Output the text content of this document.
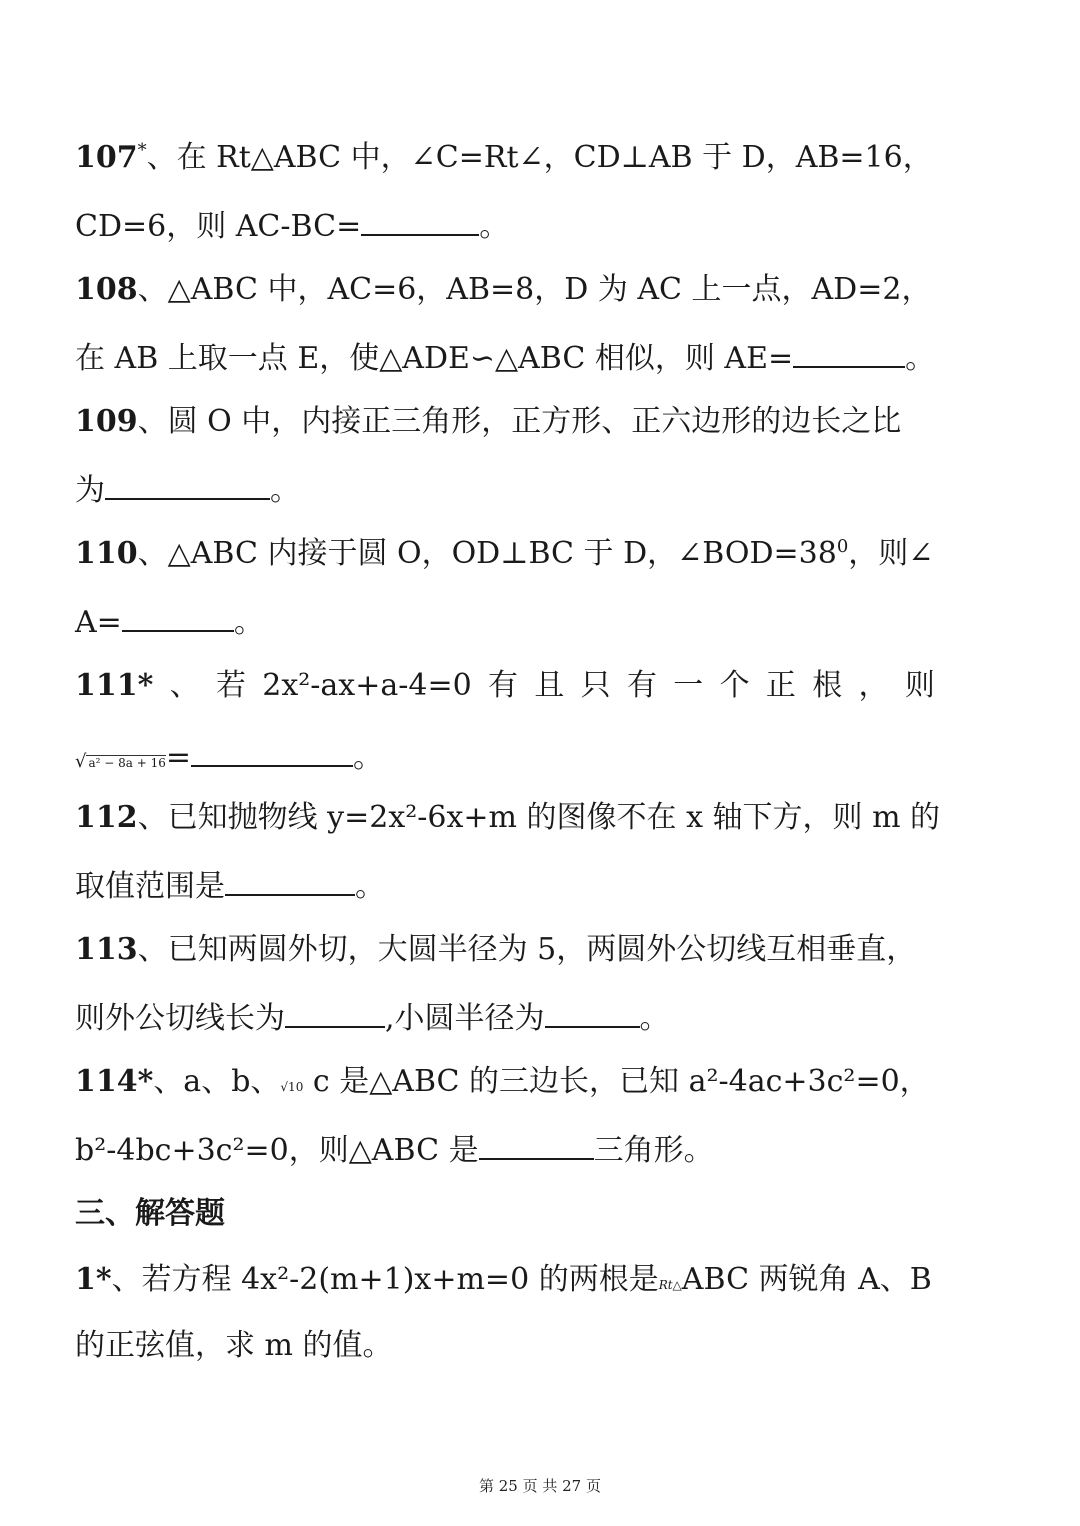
107*、在 Rt△ABC 中，∠C=Rt∠，CD⊥AB 于 D，AB=16，
CD=6，则 AC-BC=	。
108、△ABC 中，AC=6，AB=8，D 为 AC 上一点，AD=2，
在 AB 上取一点 E，使△ADE∽△ABC 相似，则 AE=	。
109、圆 O 中，内接正三角形，正方形、正六边形的边长之比
为	。
110、△ABC 内接于圆 O，OD⊥BC 于 D，$\angle BOD=38^0$，则∠
A=	。
111* 、 若 2x²-ax+a-4=0 有 且 只 有 一 个 正 根 ， 则
√ a² − 8a + 16=	。
112、已知抛物线 y=2x²-6x+m 的图像不在 x 轴下方，则 m 的
取值范围是	。
113、已知两圆外切，大圆半径为 5，两圆外公切线互相垂直，
则外公切线长为	,小圆半径为	。
114*、a、b、√10 c 是△ABC 的三边长，已知 a²-4ac+3c²=0，
b²-4bc+3c²=0，则△ABC 是	三角形。
三、解答题
1*、若方程 4x²-2(m+1)x+m=0 的两根是Rt△ABC 两锐角 A、B
的正弦值，求 m 的值。
第 25 页 共 27 页
